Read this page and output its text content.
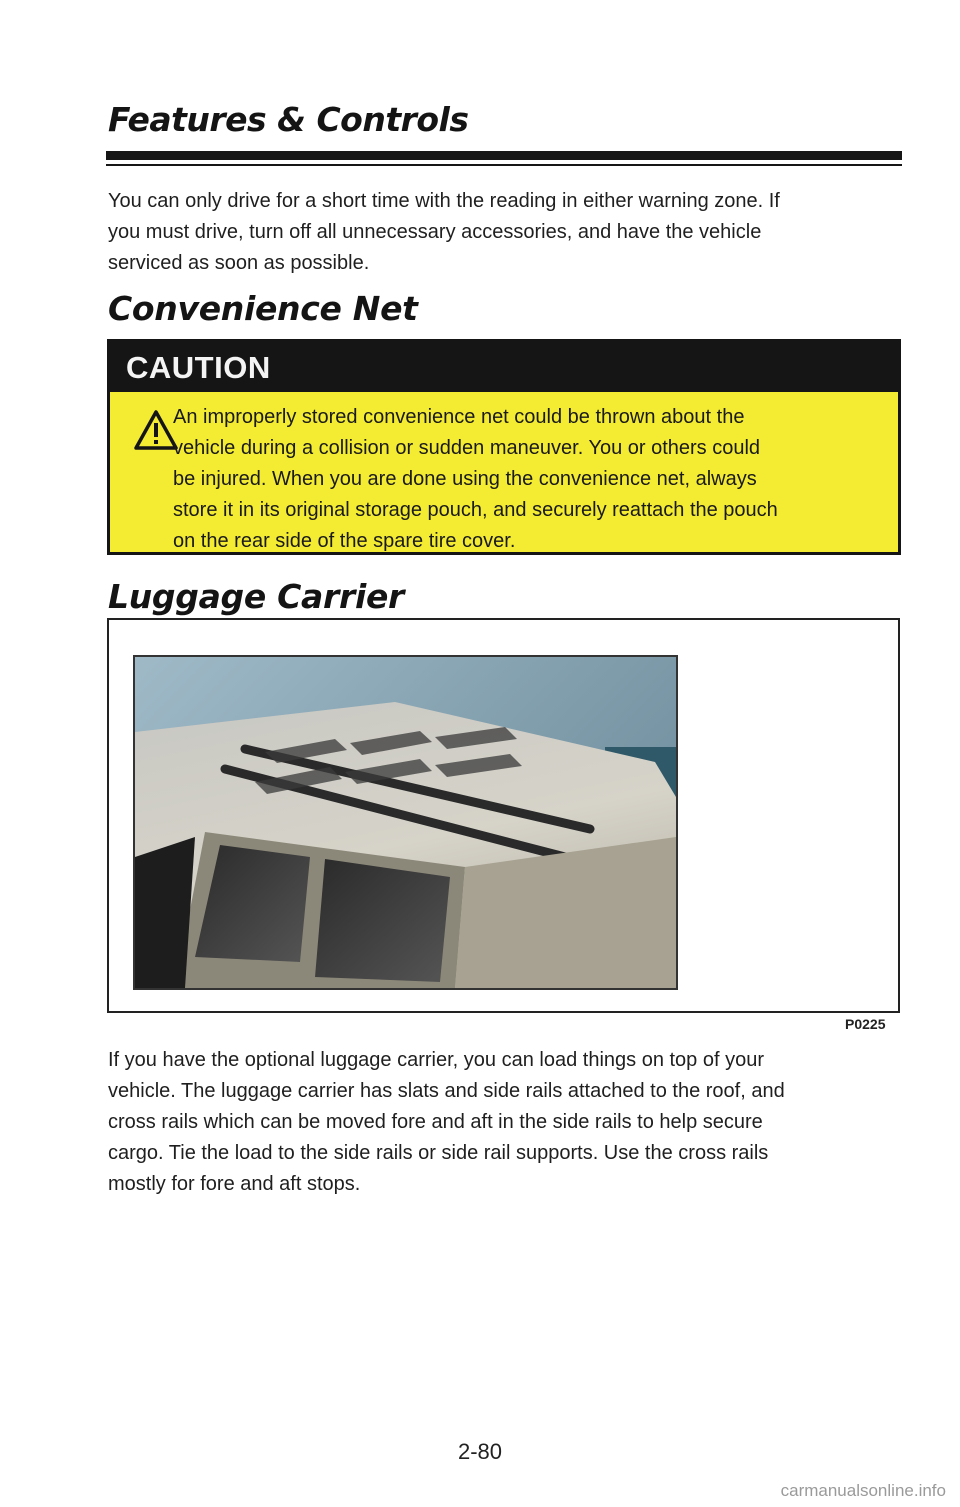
Features & Controls
You can only drive for a short time with the reading in either warning zone. If
you must drive, turn off all unnecessary accessories, and have the vehicle
serviced as soon as possible.
Convenience Net
CAUTION
An improperly stored convenience net could be thrown about the
vehicle during a collision or sudden maneuver. You or others could
be injured. When you are done using the convenience net, always
store it in its original storage pouch, and securely reattach the pouch
on the rear side of the spare tire cover.
Luggage Carrier
P0225
If you have the optional luggage carrier, you can load things on top of your
vehicle. The luggage carrier has slats and side rails attached to the roof, and
cross rails which can be moved fore and aft in the side rails to help secure
cargo. Tie the load to the side rails or side rail supports. Use the cross rails
mostly for fore and aft stops.
2-80
carmanualsonline.info
